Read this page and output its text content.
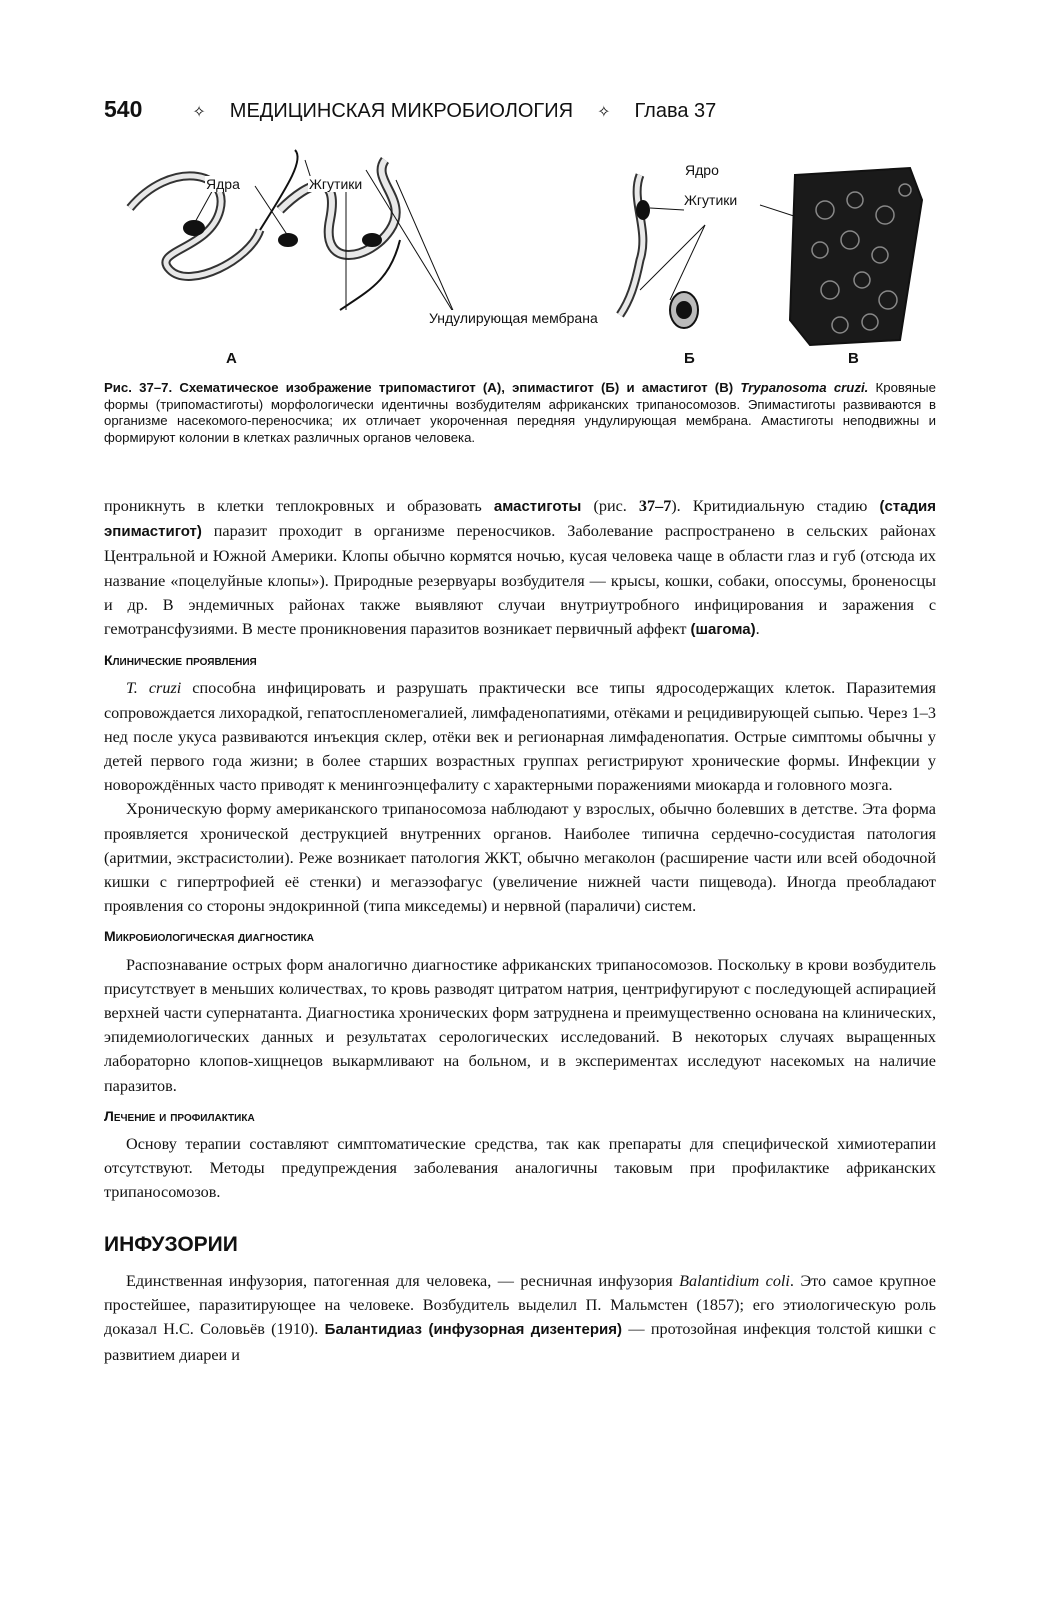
540	✧ МЕДИЦИНСКАЯ МИКРОБИОЛОГИЯ ✧ Глава 37
Ядра	Жгутики
Ундулирующая мембрана
Ядро
Жгутики
А	Б	В
Рис. 37–7. Схематическое изображение трипомастигот (А), эпимастигот (Б) и амастигот (В) Trypanosoma cruzi. Кровяные формы (трипомастиготы) морфологически идентичны возбудителям африканских трипаносомозов. Эпимастиготы развиваются в организме насекомого-переносчика; их отличает укороченная передняя ундулирующая мембрана. Амастиготы неподвижны и формируют колонии в клетках различных органов человека.

проникнуть в клетки теплокровных и образовать амастиготы (рис. 37–7). Критидиальную стадию (стадия эпимастигот) паразит проходит в организме переносчиков. Заболевание распространено в сельских районах Центральной и Южной Америки. Клопы обычно кормятся ночью, кусая человека чаще в области глаз и губ (отсюда их название «поцелуйные клопы»). Природные резервуары возбудителя — крысы, кошки, собаки, опоссумы, броненосцы и др. В эндемичных районах также выявляют случаи внутриутробного инфицирования и заражения с гемотрансфузиями. В месте проникновения паразитов возникает первичный аффект (шагома).

Клинические проявления

T. cruzi способна инфицировать и разрушать практически все типы ядросодержащих клеток. Паразитемия сопровождается лихорадкой, гепатоспленомегалией, лимфаденопатиями, отёками и рецидивирующей сыпью. Через 1–3 нед после укуса развиваются инъекция склер, отёки век и регионарная лимфаденопатия. Острые симптомы обычны у детей первого года жизни; в более старших возрастных группах регистрируют хронические формы. Инфекции у новорождённых часто приводят к менингоэнцефалиту с характерными поражениями миокарда и головного мозга.

Хроническую форму американского трипаносомоза наблюдают у взрослых, обычно болевших в детстве. Эта форма проявляется хронической деструкцией внутренних органов. Наиболее типична сердечно-сосудистая патология (аритмии, экстрасистолии). Реже возникает патология ЖКТ, обычно мегаколон (расширение части или всей ободочной кишки с гипертрофией её стенки) и мегаэзофагус (увеличение нижней части пищевода). Иногда преобладают проявления со стороны эндокринной (типа микседемы) и нервной (параличи) систем.

Микробиологическая диагностика

Распознавание острых форм аналогично диагностике африканских трипаносомозов. Поскольку в крови возбудитель присутствует в меньших количествах, то кровь разводят цитратом натрия, центрифугируют с последующей аспирацией верхней части супернатанта. Диагностика хронических форм затруднена и преимущественно основана на клинических, эпидемиологических данных и результатах серологических исследований. В некоторых случаях выращенных лабораторно клопов-хищнецов выкармливают на больном, и в экспериментах исследуют насекомых на наличие паразитов.

Лечение и профилактика

Основу терапии составляют симптоматические средства, так как препараты для специфической химиотерапии отсутствуют. Методы предупреждения заболевания аналогичны таковым при профилактике африканских трипаносомозов.

ИНФУЗОРИИ

Единственная инфузория, патогенная для человека, — ресничная инфузория Balantidium coli. Это самое крупное простейшее, паразитирующее на человеке. Возбудитель выделил П. Мальмстен (1857); его этиологическую роль доказал Н.С. Соловьёв (1910). Балантидиаз (инфузорная дизентерия) — протозойная инфекция толстой кишки с развитием диареи и
